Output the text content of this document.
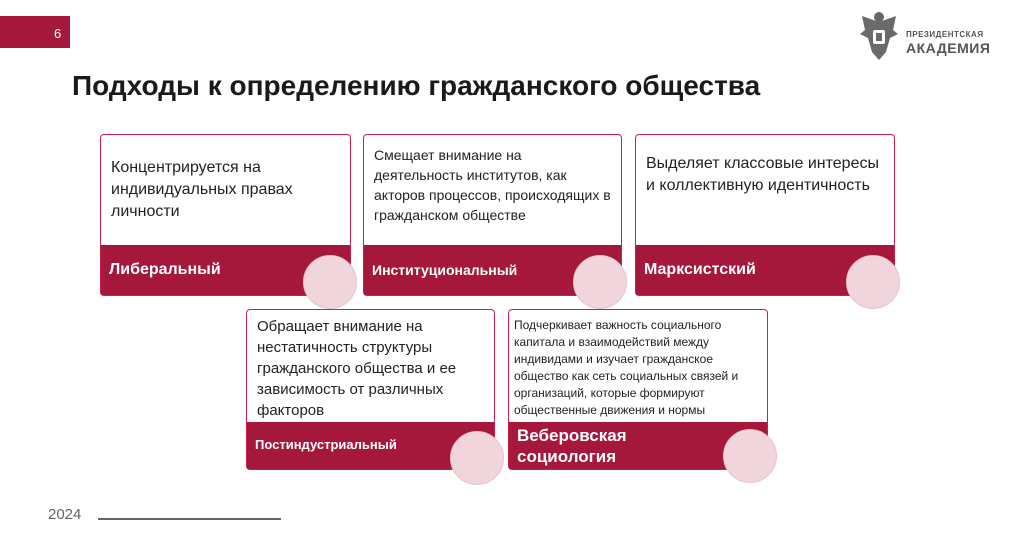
6	ПРЕЗИДЕНТСКАЯ
АКАДЕМИЯ
Подходы к определению гражданского общества
Концентрируется на индивидуальных правах личности
Либеральный
Смещает внимание на деятельность институтов, как акторов процессов, происходящих в гражданском обществе
Институциональный
Выделяет классовые интересы и коллективную идентичность
Марксистский
Обращает внимание на нестатичность структуры гражданского общества и ее зависимость от различных факторов
Постиндустриальный
Подчеркивает важность социального капитала и взаимодействий между индивидами и изучает гражданское общество как сеть социальных связей и организаций, которые формируют общественные движения и нормы
Веберовская социология
2024
